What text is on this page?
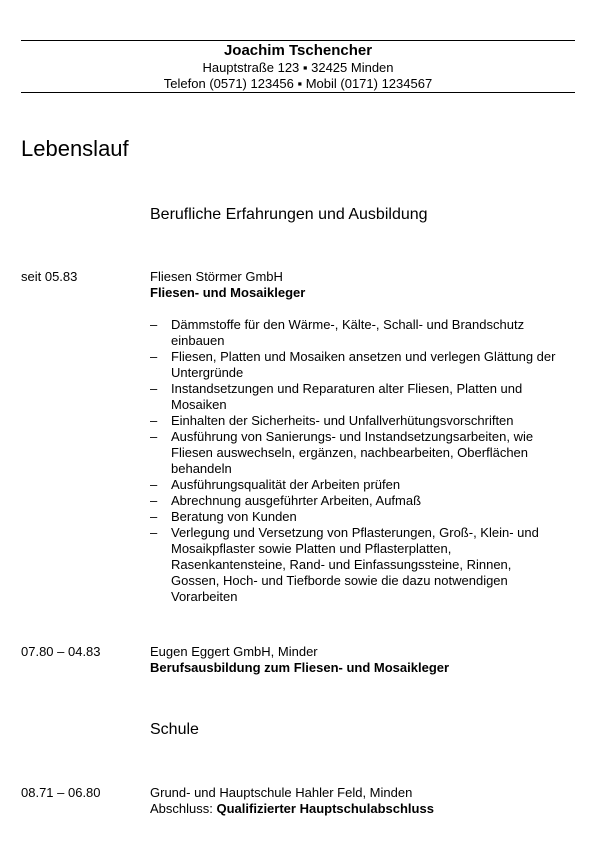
Joachim Tschencher
Hauptstraße 123 ▪ 32425 Minden
Telefon (0571) 123456 ▪ Mobil (0171) 1234567
Lebenslauf
Berufliche Erfahrungen und Ausbildung
seit 05.83	Fliesen Störmer GmbH
Fliesen- und Mosaikleger
– Dämmstoffe für den Wärme-, Kälte-, Schall- und Brandschutz einbauen
– Fliesen, Platten und Mosaiken ansetzen und verlegen Glättung der Untergründe
– Instandsetzungen und Reparaturen alter Fliesen, Platten und Mosaiken
– Einhalten der Sicherheits- und Unfallverhütungsvorschriften
– Ausführung von Sanierungs- und Instandsetzungsarbeiten, wie Fliesen auswechseln, ergänzen, nachbearbeiten, Oberflächen behandeln
– Ausführungsqualität der Arbeiten prüfen
– Abrechnung ausgeführter Arbeiten, Aufmaß
– Beratung von Kunden
– Verlegung und Versetzung von Pflasterungen, Groß-, Klein- und Mosaikpflaster sowie Platten und Pflasterplatten, Rasenkantensteine, Rand- und Einfassungssteine, Rinnen, Gossen, Hoch- und Tiefborde sowie die dazu notwendigen Vorarbeiten
07.80 – 04.83	Eugen Eggert GmbH, Minder
Berufsausbildung zum Fliesen- und Mosaikleger
Schule
08.71 – 06.80	Grund- und Hauptschule Hahler Feld, Minden
Abschluss: Qualifizierter Hauptschulabschluss
